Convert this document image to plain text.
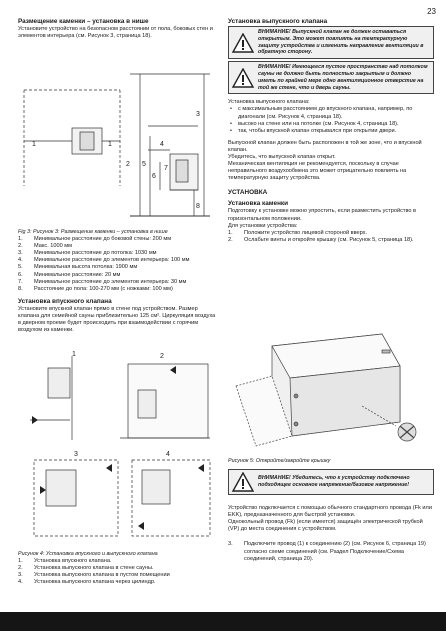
23
Размещение каменки – установка в нише

Установите устройство на безопасном расстоянии от пола, боковых стен и элементов интерьера (см. Рисунок 3, страница 18).

1	1
2
3
4
5
6
7
8
Fig 3: Рисунок 3: Размещение каменки – установка в нише
1. Минимальное расстояние до боковой стены: 200 мм
2. Макс. 1000 мм
3. Минимальное расстояние до потолка: 1030 мм
4. Минимальное расстояние до элементов интерьера: 100 мм
5. Минимальная высота потолка: 1900 мм
6. Минимальное расстояние: 20 мм
7. Минимальное расстояние до элементов интерьера: 30 мм
8. Расстояние до пола: 100-270 мм (с ножками: 100 мм)
Установка впускного клапана

Установите впускной клапан прямо в стене под устройством. Размер клапана для семейной сауны приблизительно 125 см². Циркуляция воздуха в дверном проеме будет происходить при взаимодействии с горячим воздухом из каменки.

1	2
3	4
Рисунок 4: Установка впускного и выпускного клапана
1. Установка впускного клапана.
2. Установка выпускного клапана в стене сауны.
3. Установка выпускного клапана в пустом помещении
4. Установка выпускного клапана через цилиндр.
Установка выпускного клапана
ВНИМАНИЕ! Выпускной клапан не должен оставаться открытым. Это может повлиять на температурную защиту устройства и изменить направление вентиляции в обратную сторону.
ВНИМАНИЕ! Имеющееся пустое пространство над потолком сауны не должно быть полностью закрытым и должно иметь по крайней мере одно вентиляционное отверстие на той же стене, что и дверь сауны.

Установка выпускного клапана:

• с максимальным расстоянием до впускного клапана, например, по диагонали (см. Рисунок 4, страница 18).
• высоко на стене или на потолке (см. Рисунок 4, страница 18).
• так, чтобы впускной клапан открывался при открытии двери.

Выпускной клапан должен быть расположен в той же зоне, что и впускной клапан.

Убедитесь, что выпускной клапан открыт.

Механическая вентиляция не рекомендуется, поскольку в случае неправильного воздухообмена это может отрицательно повлиять на температурную защиту устройства.

УСТАНОВКА
Установка каменки

Подготовку к установке можно упростить, если разместить устройство в горизонтальном положении.

Для установки устройства:

1. Положите устройство лицевой стороной вверх.
2. Ослабьте винты и откройте крышку (см. Рисунок 5, страница 18).
Рисунок 5: Откройте/закройте крышку
ВНИМАНИЕ! Убедитесь, что к устройству подключено подходящее основное напряжение/базовое напряжение!

Устройство подключается с помощью обычного стандартного провода (Fk или EKK), предназначенного для быстрой установки.

Однокольный провод (Fk) (если имеется) защищён электрической трубкой (VP) до места соединения с устройством.

3. Подключите провод (1) к соединению (2) (см. Рисунок 6, страница 19) согласно схеме соединений (см. Раздел Подключение/Схема соединений, страница 20).
